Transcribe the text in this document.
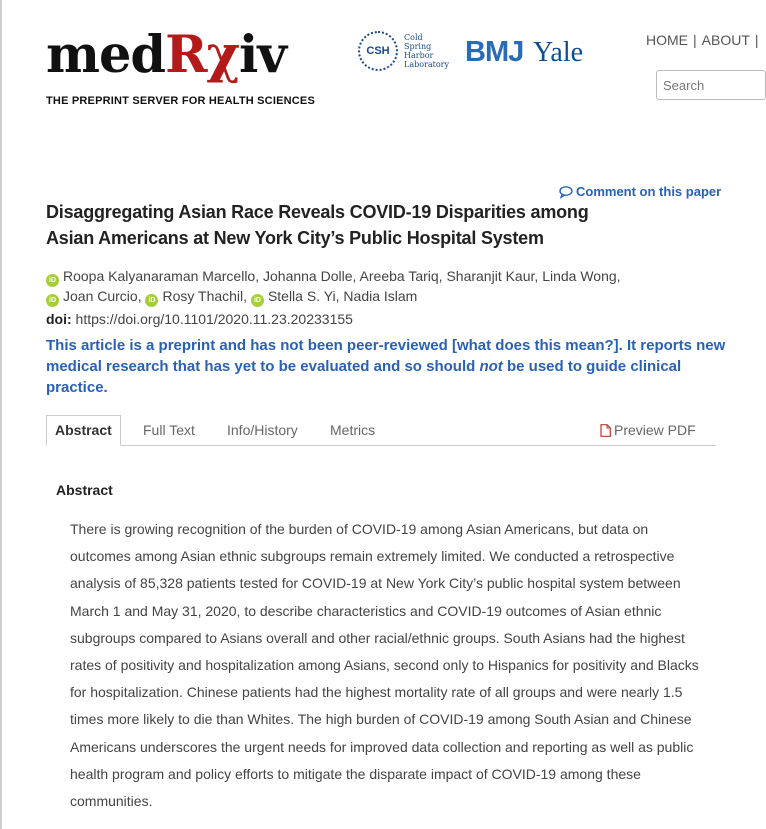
medRχiv
THE PREPRINT SERVER FOR HEALTH SCIENCES
CSH
Cold
Spring
Harbor
Laboratory BMJ Yale	HOME | ABOUT |
Search
Comment on this paper
Disaggregating Asian Race Reveals COVID-19 Disparities among Asian Americans at New York City’s Public Hospital System
iD Roopa Kalyanaraman Marcello, Johanna Dolle, Areeba Tariq, Sharanjit Kaur, Linda Wong,
iD Joan Curcio, iD Rosy Thachil, iD Stella S. Yi, Nadia Islam
doi: https://doi.org/10.1101/2020.11.23.20233155
This article is a preprint and has not been peer-reviewed [what does this mean?]. It reports new medical research that has yet to be evaluated and so should not be used to guide clinical practice.
Abstract	Full Text Info/History Metrics	Preview PDF
Abstract

There is growing recognition of the burden of COVID-19 among Asian Americans, but data on outcomes among Asian ethnic subgroups remain extremely limited. We conducted a retrospective analysis of 85,328 patients tested for COVID-19 at New York City’s public hospital system between March 1 and May 31, 2020, to describe characteristics and COVID-19 outcomes of Asian ethnic subgroups compared to Asians overall and other racial/ethnic groups. South Asians had the highest rates of positivity and hospitalization among Asians, second only to Hispanics for positivity and Blacks for hospitalization. Chinese patients had the highest mortality rate of all groups and were nearly 1.5 times more likely to die than Whites. The high burden of COVID-19 among South Asian and Chinese Americans underscores the urgent needs for improved data collection and reporting as well as public health program and policy efforts to mitigate the disparate impact of COVID-19 among these communities.
